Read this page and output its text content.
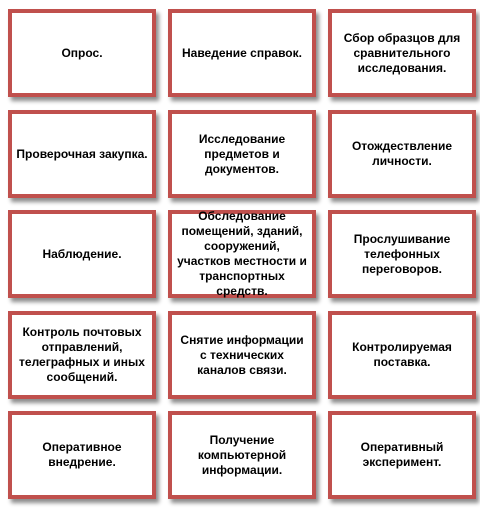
Опрос.	Наведение справок.
Сбор образцов для сравнительного исследования.
Проверочная закупка.
Исследование предметов и документов.
Отождествление личности.
Наблюдение.
Обследование помещений, зданий, сооружений, участков местности и транспортных средств.
Прослушивание телефонных переговоров.
Контроль почтовых отправлений, телеграфных и иных сообщений.
Снятие информации с технических каналов связи.
Контролируемая поставка.
Оперативное внедрение.
Получение компьютерной информации.
Оперативный эксперимент.
